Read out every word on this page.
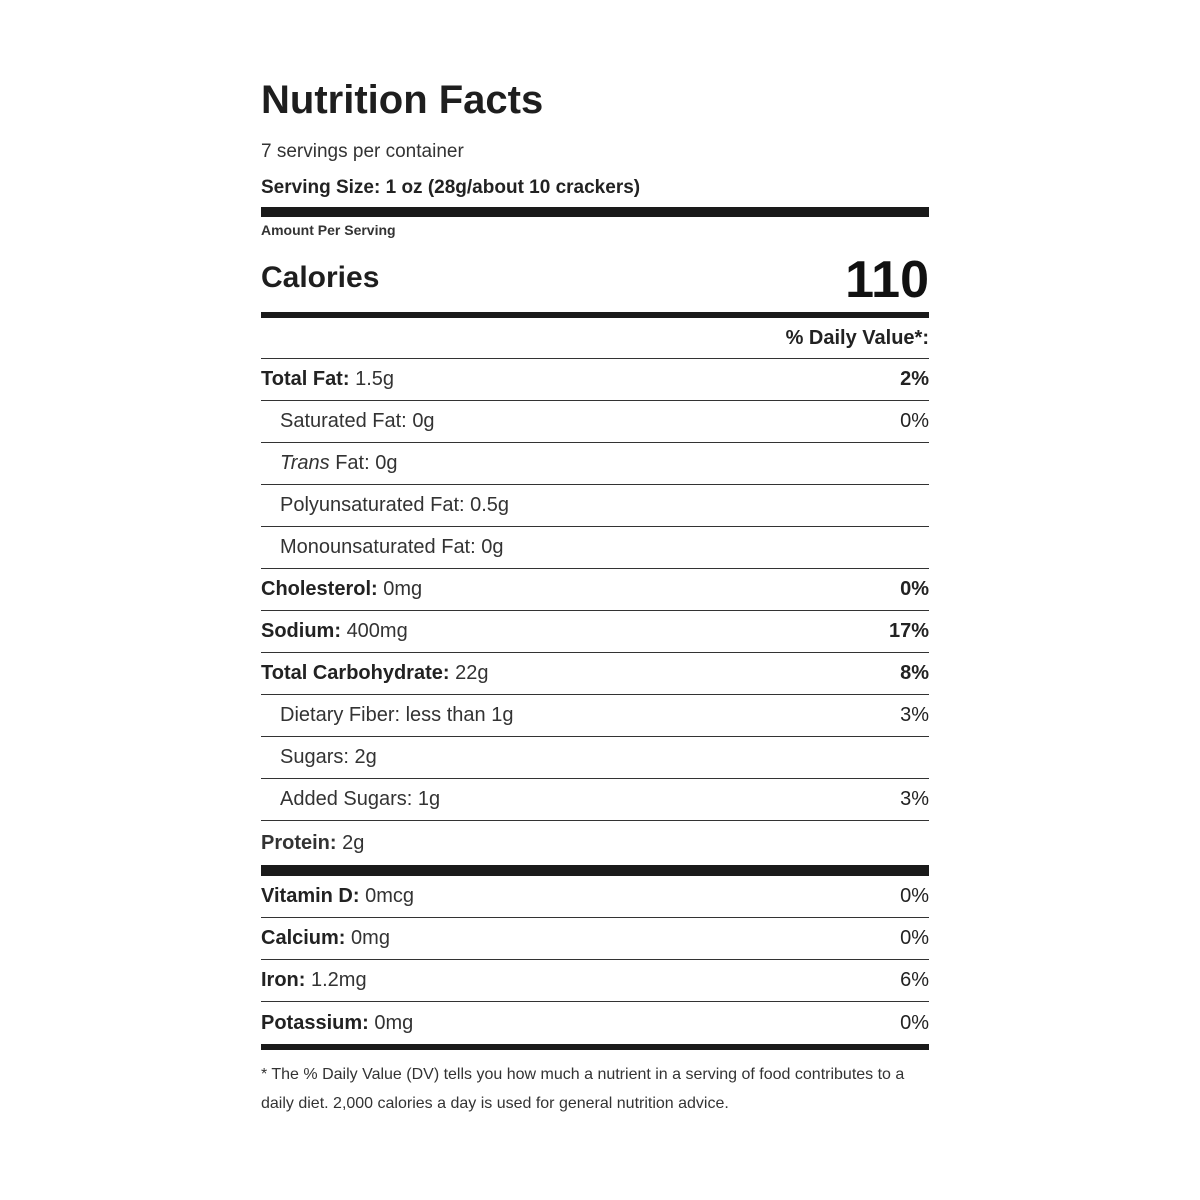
Nutrition Facts
7 servings per container
Serving Size: 1 oz (28g/about 10 crackers)
Amount Per Serving
Calories	110
% Daily Value*:
Total Fat: 1.5g	2%
Saturated Fat: 0g	0%
Trans Fat: 0g
Polyunsaturated Fat: 0.5g
Monounsaturated Fat: 0g
Cholesterol: 0mg	0%
Sodium: 400mg	17%
Total Carbohydrate: 22g	8%
Dietary Fiber: less than 1g	3%
Sugars: 2g
Added Sugars: 1g	3%
Protein: 2g
Vitamin D: 0mcg	0%
Calcium: 0mg	0%
Iron: 1.2mg	6%
Potassium: 0mg	0%
* The % Daily Value (DV) tells you how much a nutrient in a serving of food contributes to a daily diet. 2,000 calories a day is used for general nutrition advice.
